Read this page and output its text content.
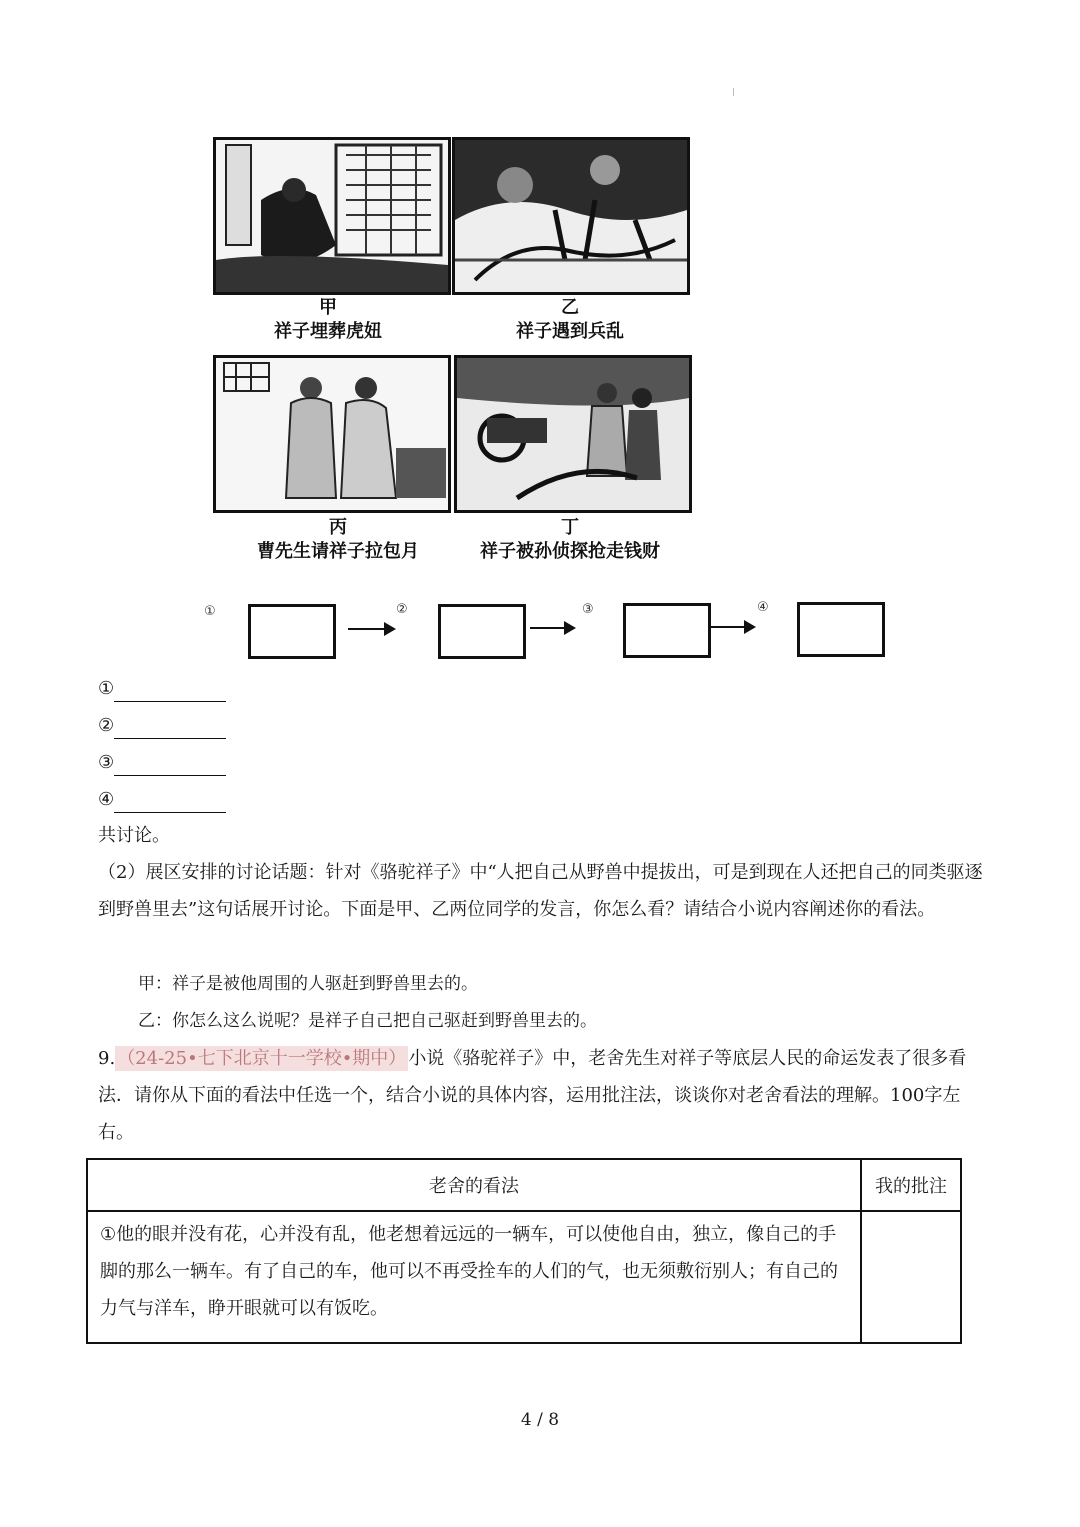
甲
祥子埋葬虎妞
乙
祥子遇到兵乱
丙
曹先生请祥子拉包月
丁
祥子被孙侦探抢走钱财
①	②	③	④
①
②
③
④
共讨论。
（2）展区安排的讨论话题：针对《骆驼祥子》中“人把自己从野兽中提拔出，可是到现在人还把自己的同类驱逐到野兽里去”这句话展开讨论。下面是甲、乙两位同学的发言，你怎么看？请结合小说内容阐述你的看法。
甲：祥子是被他周围的人驱赶到野兽里去的。
乙：你怎么这么说呢？是祥子自己把自己驱赶到野兽里去的。
9. （24-25•七下北京十一学校•期中） 小说《骆驼祥子》中，老舍先生对祥子等底层人民的命运发表了很多看法．请你从下面的看法中任选一个，结合小说的具体内容，运用批注法，谈谈你对老舍看法的理解。100字左右。
老舍的看法	我的批注
①他的眼并没有花，心并没有乱，他老想着远远的一辆车，可以使他自由，独立，像自己的手脚的那么一辆车。有了自己的车，他可以不再受拴车的人们的气，也无须敷衍别人；有自己的力气与洋车，睁开眼就可以有饭吃。	
4 / 8
